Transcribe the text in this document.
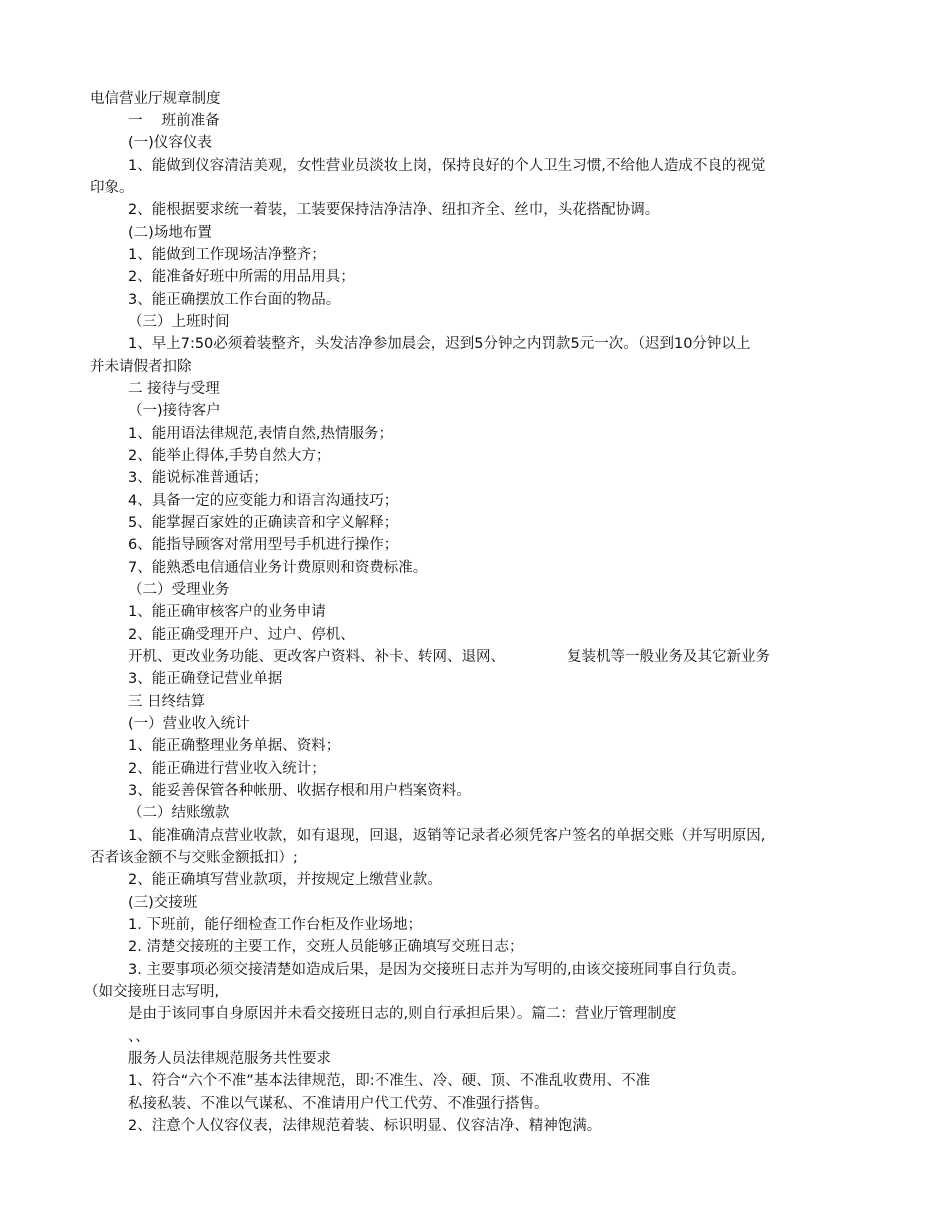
电信营业厅规章制度
一　 班前准备
(一)仪容仪表
1、能做到仪容清洁美观，女性营业员淡妆上岗，保持良好的个人卫生习惯,不给他人造成不良的视觉
印象。
2、能根据要求统一着装，工装要保持洁净洁净、纽扣齐全、丝巾，头花搭配协调。
(二)场地布置
1、能做到工作现场洁净整齐；
2、能准备好班中所需的用品用具；
3、能正确摆放工作台面的物品。
（三）上班时间
1、早上7:50必须着装整齐，头发洁净参加晨会，迟到5分钟之内罚款5元一次。（迟到10分钟以上
并未请假者扣除
二 接待与受理
（一)接待客户
1、能用语法律规范,表情自然,热情服务；
2、能举止得体,手势自然大方；
3、能说标准普通话；
4、具备一定的应变能力和语言沟通技巧；
5、能掌握百家姓的正确读音和字义解释；
6、能指导顾客对常用型号手机进行操作；
7、能熟悉电信通信业务计费原则和资费标准。
（二）受理业务
1、能正确审核客户的业务申请
2、能正确受理开户、过户、停机、
开机、更改业务功能、更改客户资料、补卡、转网、退网、	复装机等一般业务及其它新业务
3、能正确登记营业单据
三 日终结算
(一）营业收入统计
1、能正确整理业务单据、资料；
2、能正确进行营业收入统计；
3、能妥善保管各种帐册、收据存根和用户档案资料。
（二）结账缴款
1、能准确清点营业收款，如有退现，回退，返销等记录者必须凭客户签名的单据交账（并写明原因,
否者该金额不与交账金额抵扣）;
2、能正确填写营业款项，并按规定上缴营业款。
(三)交接班
1. 下班前，能仔细检查工作台柜及作业场地；
2. 清楚交接班的主要工作，交班人员能够正确填写交班日志；
3. 主要事项必须交接清楚如造成后果，是因为交接班日志并为写明的,由该交接班同事自行负责。
（如交接班日志写明,
是由于该同事自身原因并未看交接班日志的,则自行承担后果）。篇二：营业厅管理制度
、、
服务人员法律规范服务共性要求
1、符合“六个不准”基本法律规范，即:不准生、冷、硬、顶、不准乱收费用、不准
私接私装、不准以气谋私、不准请用户代工代劳、不准强行搭售。
2、注意个人仪容仪表，法律规范着装、标识明显、仪容洁净、精神饱满。
